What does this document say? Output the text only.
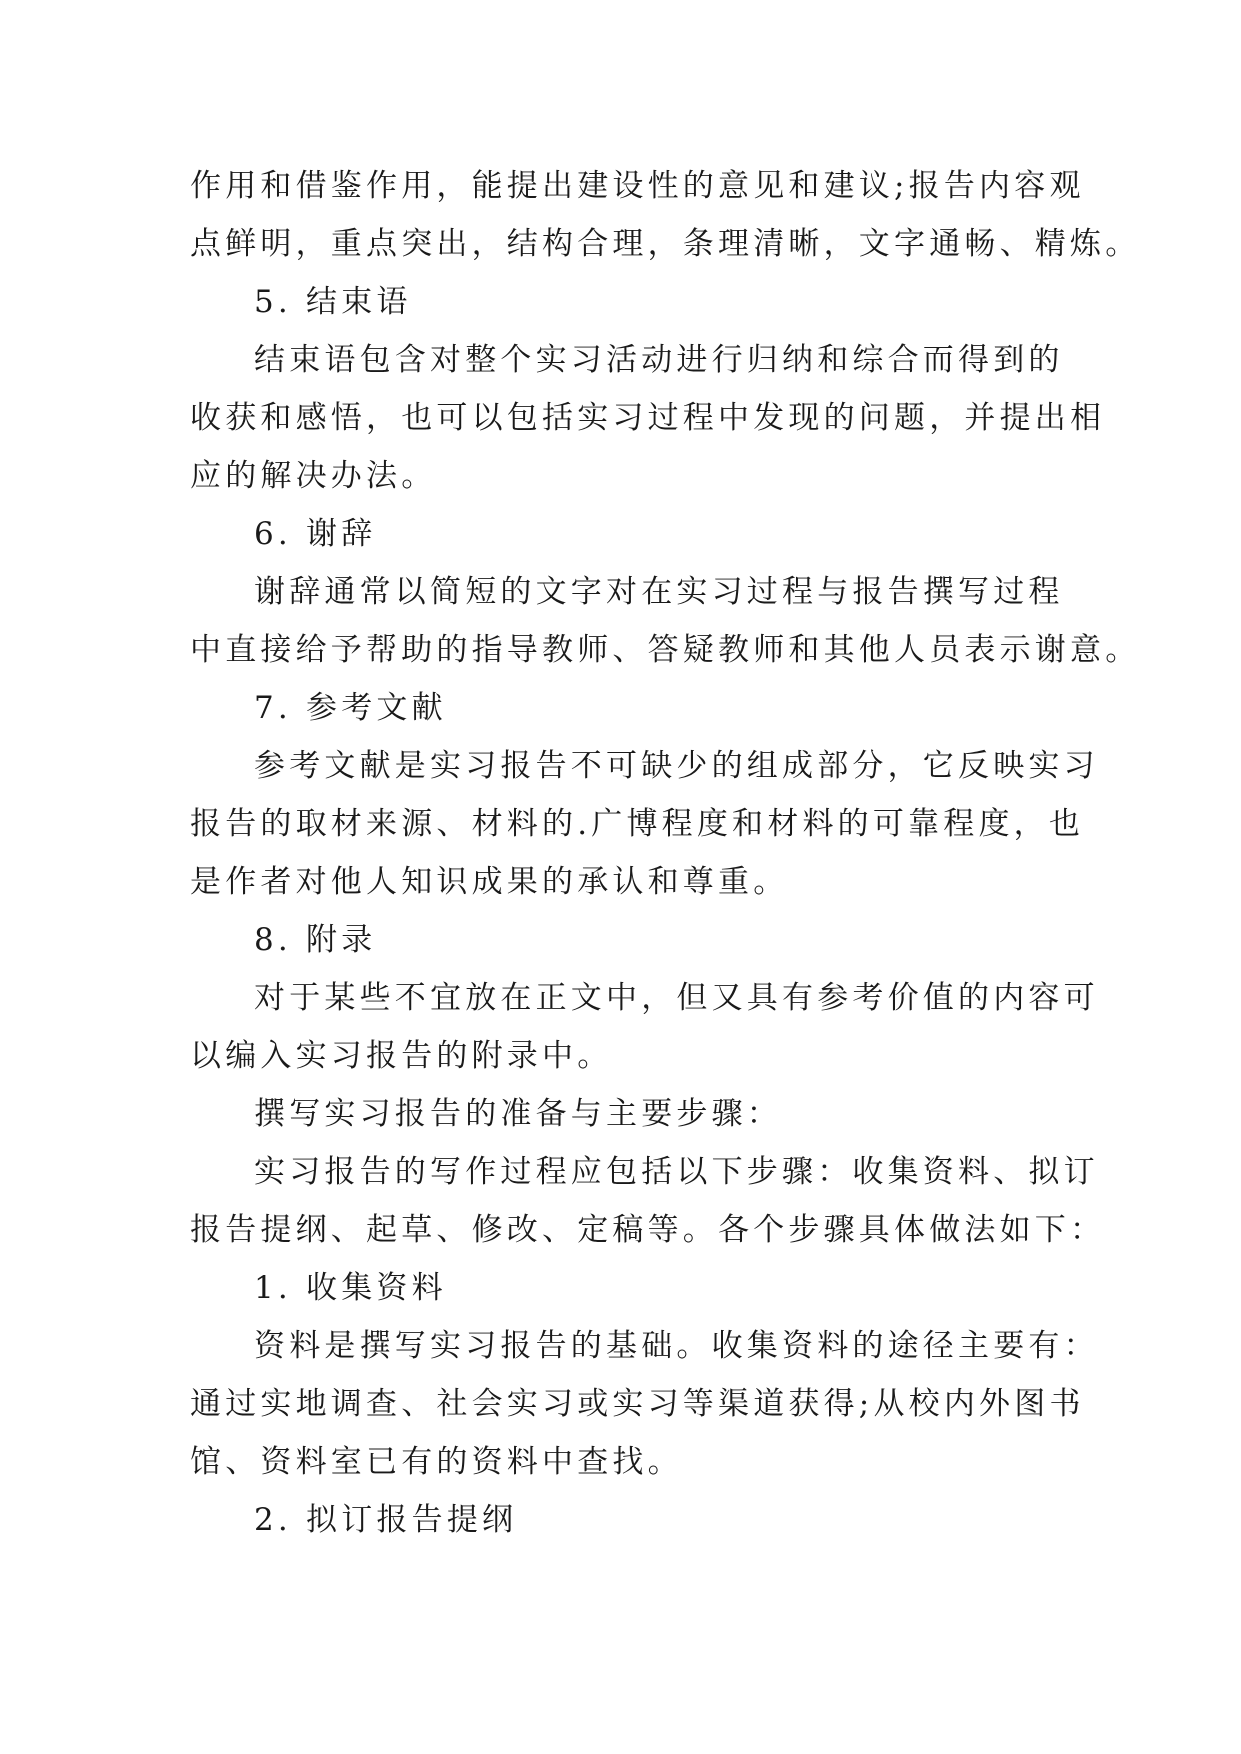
作用和借鉴作用，能提出建设性的意见和建议;报告内容观
点鲜明，重点突出，结构合理，条理清晰，文字通畅、精炼。
5. 结束语
结束语包含对整个实习活动进行归纳和综合而得到的
收获和感悟，也可以包括实习过程中发现的问题，并提出相
应的解决办法。
6. 谢辞
谢辞通常以简短的文字对在实习过程与报告撰写过程
中直接给予帮助的指导教师、答疑教师和其他人员表示谢意。
7. 参考文献
参考文献是实习报告不可缺少的组成部分，它反映实习
报告的取材来源、材料的.广博程度和材料的可靠程度，也
是作者对他人知识成果的承认和尊重。
8. 附录
对于某些不宜放在正文中，但又具有参考价值的内容可
以编入实习报告的附录中。
撰写实习报告的准备与主要步骤：
实习报告的写作过程应包括以下步骤：收集资料、拟订
报告提纲、起草、修改、定稿等。各个步骤具体做法如下：
1. 收集资料
资料是撰写实习报告的基础。收集资料的途径主要有：
通过实地调查、社会实习或实习等渠道获得;从校内外图书
馆、资料室已有的资料中查找。
2. 拟订报告提纲
